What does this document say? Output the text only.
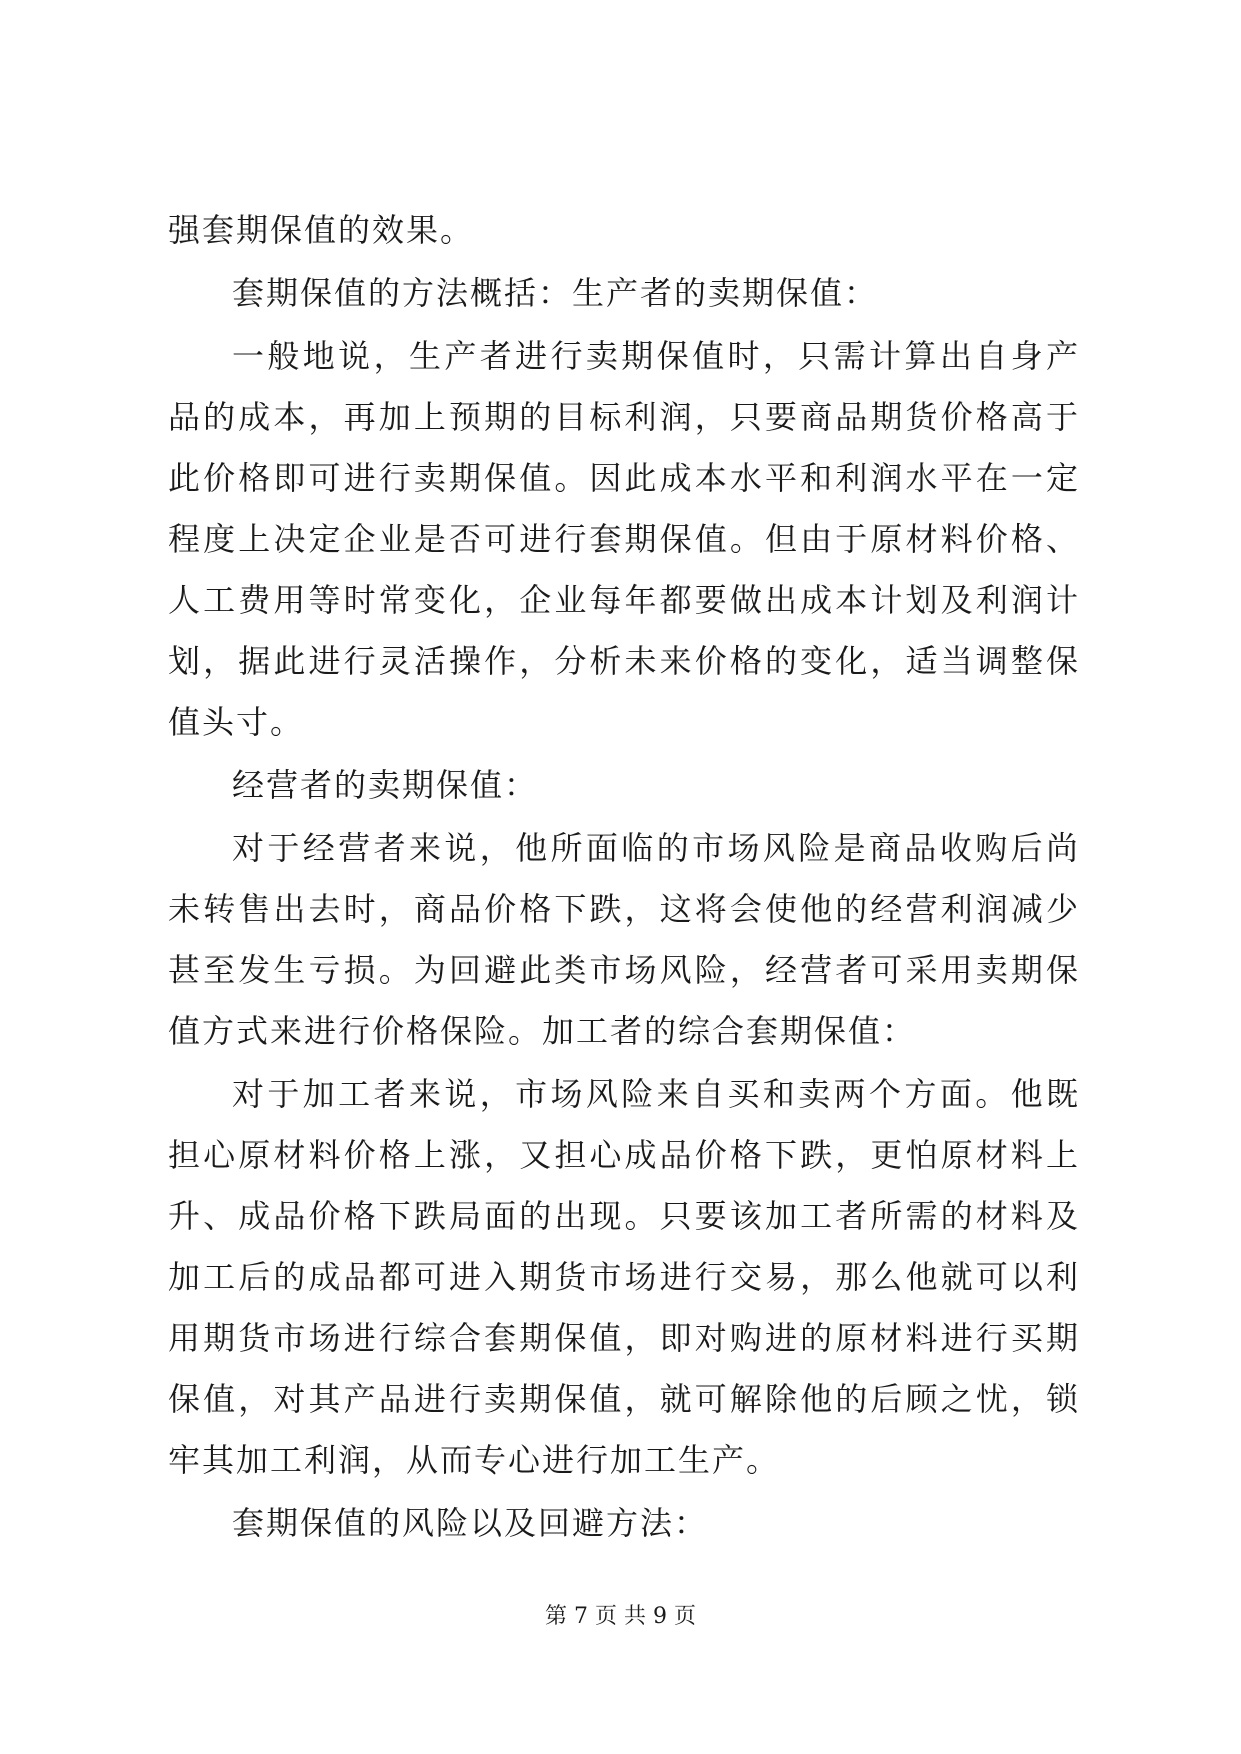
强套期保值的效果。

套期保值的方法概括：生产者的卖期保值：

一般地说，生产者进行卖期保值时，只需计算出自身产品的成本，再加上预期的目标利润，只要商品期货价格高于此价格即可进行卖期保值。因此成本水平和利润水平在一定程度上决定企业是否可进行套期保值。但由于原材料价格、人工费用等时常变化，企业每年都要做出成本计划及利润计划，据此进行灵活操作，分析未来价格的变化，适当调整保值头寸。

经营者的卖期保值：

对于经营者来说，他所面临的市场风险是商品收购后尚未转售出去时，商品价格下跌，这将会使他的经营利润减少甚至发生亏损。为回避此类市场风险，经营者可采用卖期保值方式来进行价格保险。加工者的综合套期保值：

对于加工者来说，市场风险来自买和卖两个方面。他既担心原材料价格上涨，又担心成品价格下跌，更怕原材料上升、成品价格下跌局面的出现。只要该加工者所需的材料及加工后的成品都可进入期货市场进行交易，那么他就可以利用期货市场进行综合套期保值，即对购进的原材料进行买期保值，对其产品进行卖期保值，就可解除他的后顾之忧，锁牢其加工利润，从而专心进行加工生产。

套期保值的风险以及回避方法：

第 7 页 共 9 页
